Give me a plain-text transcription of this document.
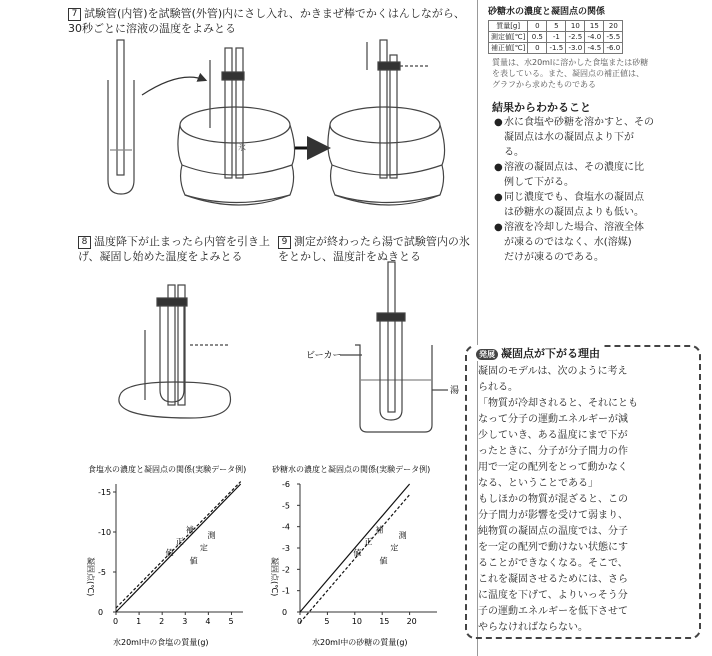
7 試験管(内管)を試験管(外管)内にさし入れ、かきまぜ棒でかくはんしながら、
30秒ごとに溶液の温度をよみとる
8 温度降下が止まったら内管を引き上
げ、凝固し始めた温度をよみとる
9 測定が終わったら湯で試験管内の氷
をとかし、温度計をぬきとる
ビーカー
湯
氷
食塩水の濃度と凝固点の関係(実験データ例)
0 1 2 3 4 5
0
-5
-10
-15
補
正
値
測
定
値
水20ml中の食塩の質量(g)
凝固点(℃)
砂糖水の濃度と凝固点の関係(実験データ例)
0	5	10 15 20
0
-1
-2
-3
-4
-5
-6
補
正
値
測
定
値
水20ml中の砂糖の質量(g)
凝固点(℃)
砂糖水の濃度と凝固点の関係
質量[g]	0	5	10	15	20
測定値[℃]	0.5	-1	-2.5	-4.0	-5.5
補正値[℃]	0	-1.5	-3.0	-4.5	-6.0
質量は、水20mlに溶かした食塩または砂糖
を表している。また、凝固点の補正値は、
グラフから求めたものである
結果からわかること
● 水に食塩や砂糖を溶かすと、その
凝固点は水の凝固点より下が
る。
● 溶液の凝固点は、その濃度に比
例して下がる。
● 同じ濃度でも、食塩水の凝固点
は砂糖水の凝固点よりも低い。
● 溶液を冷却した場合、溶液全体
が凍るのではなく、水(溶媒)
だけが凍るのである。
発展 凝固点が下がる理由

凝固のモデルは、次のように考え

られる。

「物質が冷却されると、それにとも

なって分子の運動エネルギーが減

少していき、ある温度にまで下が

ったときに、分子が分子間力の作

用で一定の配列をとって動かなく

なる、ということである」

もしほかの物質が混ざると、この

分子間力が影響を受けて弱まり、

純物質の凝固点の温度では、分子

を一定の配列で動けない状態にす

ることができなくなる。そこで、

これを凝固させるためには、さら

に温度を下げて、よりいっそう分

子の運動エネルギーを低下させて

やらなければならない。
